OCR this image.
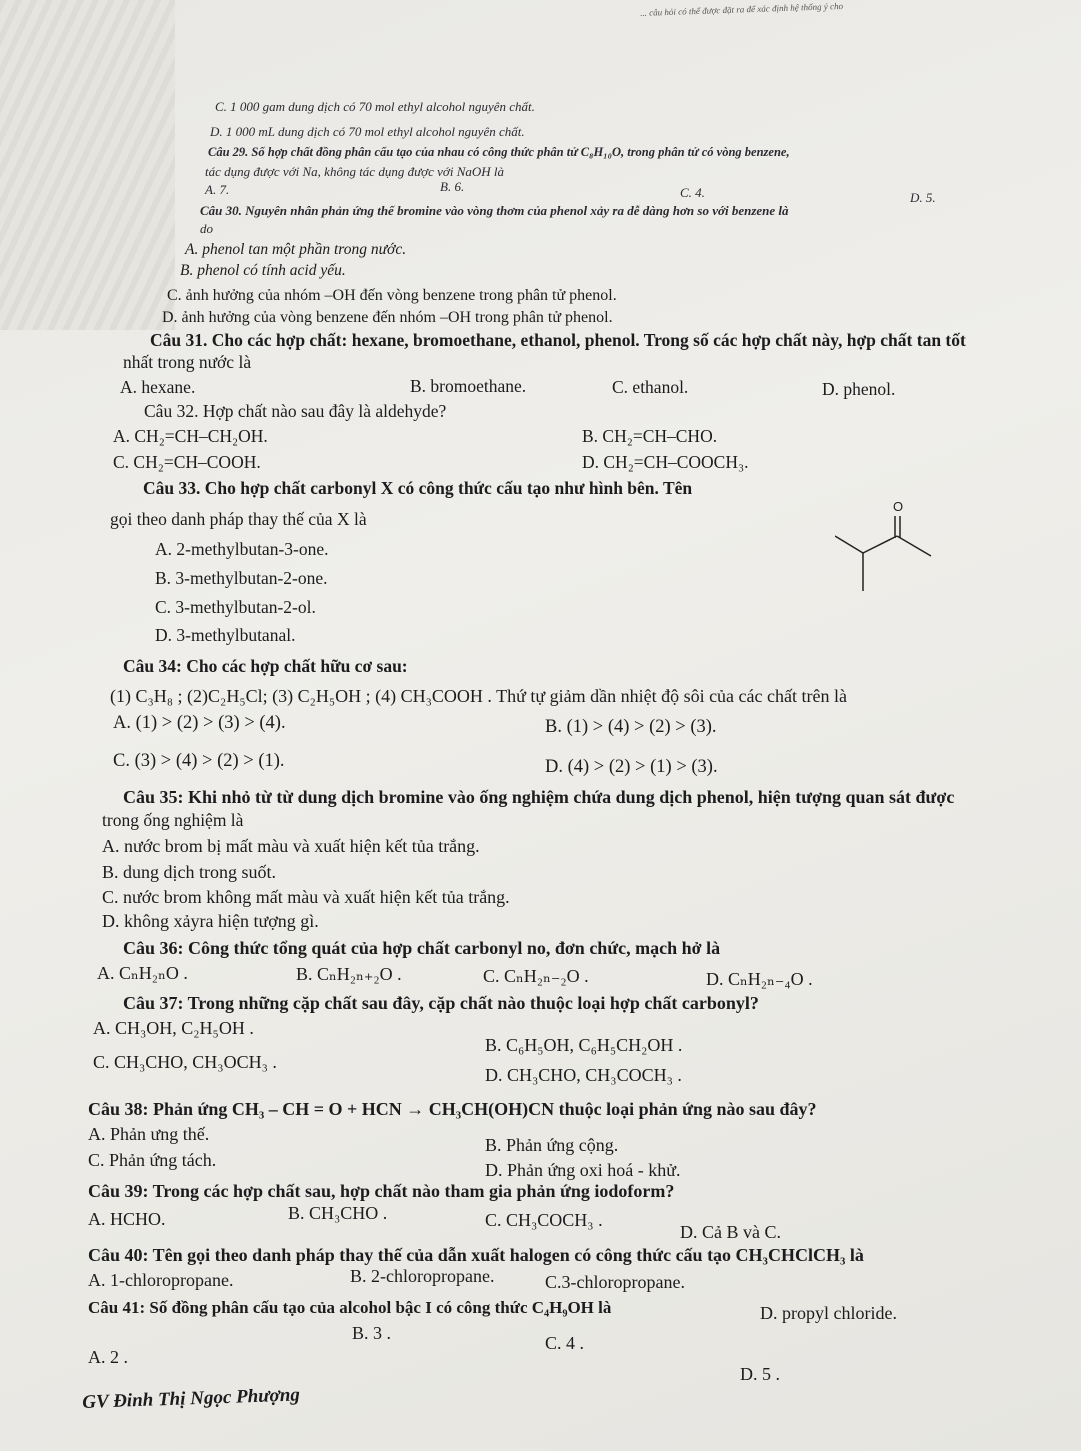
... câu hỏi có thể được đặt ra để xác định hệ thống ý cho
C. 1 000 gam dung dịch có 70 mol ethyl alcohol nguyên chất.
D. 1 000 mL dung dịch có 70 mol ethyl alcohol nguyên chất.
Câu 29. Số hợp chất đồng phân cấu tạo của nhau có công thức phân tử C₈H₁₀O, trong phân tử có vòng benzene,
tác dụng được với Na, không tác dụng được với NaOH là
A. 7.	B. 6.	C. 4.	D. 5.
Câu 30. Nguyên nhân phản ứng thế bromine vào vòng thơm của phenol xảy ra dễ dàng hơn so với benzene là
do
A. phenol tan một phần trong nước.
B. phenol có tính acid yếu.
C. ảnh hưởng của nhóm –OH đến vòng benzene trong phân tử phenol.
D. ảnh hưởng của vòng benzene đến nhóm –OH trong phân tử phenol.
Câu 31. Cho các hợp chất: hexane, bromoethane, ethanol, phenol. Trong số các hợp chất này, hợp chất tan tốt
nhất trong nước là
A. hexane.	B. bromoethane.	C. ethanol.	D. phenol.
Câu 32. Hợp chất nào sau đây là aldehyde?
A. CH₂=CH–CH₂OH.	B. CH₂=CH–CHO.
C. CH₂=CH–COOH.	D. CH₂=CH–COOCH₃.
Câu 33. Cho hợp chất carbonyl X có công thức cấu tạo như hình bên. Tên
gọi theo danh pháp thay thế của X là
A. 2-methylbutan-3-one.
B. 3-methylbutan-2-one.
C. 3-methylbutan-2-ol.
D. 3-methylbutanal.
O
Câu 34: Cho các hợp chất hữu cơ sau:
(1) C₃H₈ ; (2)C₂H₅Cl; (3) C₂H₅OH ; (4) CH₃COOH . Thứ tự giảm dần nhiệt độ sôi của các chất trên là
A. (1) > (2) > (3) > (4).	B. (1) > (4) > (2) > (3).
C. (3) > (4) > (2) > (1).	D. (4) > (2) > (1) > (3).
Câu 35: Khi nhỏ từ từ dung dịch bromine vào ống nghiệm chứa dung dịch phenol, hiện tượng quan sát được
trong ống nghiệm là
A. nước brom bị mất màu và xuất hiện kết tủa trắng.
B. dung dịch trong suốt.
C. nước brom không mất màu và xuất hiện kết tủa trắng.
D. không xảyra hiện tượng gì.
Câu 36: Công thức tổng quát của hợp chất carbonyl no, đơn chức, mạch hở là
A. CₙH₂ₙO .	B. CₙH₂ₙ₊₂O .	C. CₙH₂ₙ₋₂O .	D. CₙH₂ₙ₋₄O .
Câu 37: Trong những cặp chất sau đây, cặp chất nào thuộc loại hợp chất carbonyl?
A. CH₃OH, C₂H₅OH .
B. C₆H₅OH, C₆H₅CH₂OH .
C. CH₃CHO, CH₃OCH₃ .
D. CH₃CHO, CH₃COCH₃ .
Câu 38: Phản ứng CH₃ – CH = O + HCN → CH₃CH(OH)CN thuộc loại phản ứng nào sau đây?
A. Phản ưng thế.
B. Phản ứng cộng.
C. Phản ứng tách.	D. Phản ứng oxi hoá - khử.
Câu 39: Trong các hợp chất sau, hợp chất nào tham gia phản ứng iodoform?
A. HCHO.	B. CH₃CHO .	C. CH₃COCH₃ .
D. Cả B và C.
Câu 40: Tên gọi theo danh pháp thay thế của dẫn xuất halogen có công thức cấu tạo CH₃CHClCH₃ là
A. 1-chloropropane.	B. 2-chloropropane.	C.3-chloropropane.
D. propyl chloride.
Câu 41: Số đồng phân cấu tạo của alcohol bậc I có công thức C₄H₉OH là
A. 2 .
B. 3 .	C. 4 .
D. 5 .
GV Đinh Thị Ngọc Phượng
